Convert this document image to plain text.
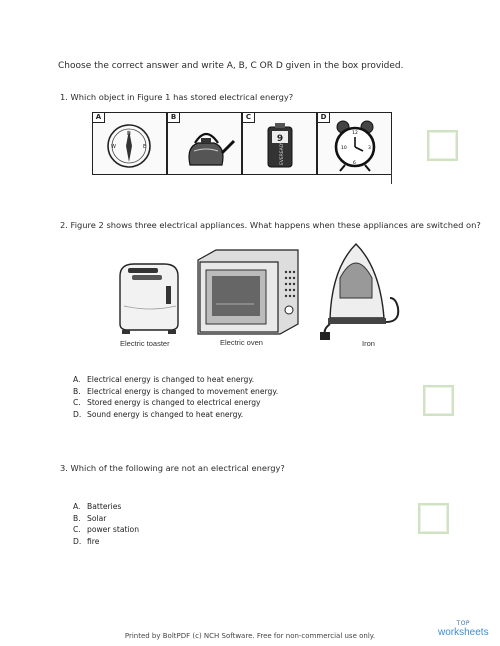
Choose the correct answer and write A, B, C OR D given in the box provided.
1. Which object in Figure 1 has stored electrical energy?
A
N
W	E
B	C
9
EVEREADY
D
12
10	3
6
2. Figure 2 shows three electrical appliances. What happens when these appliances are switched on?
Electric toaster	Electric oven	Iron
A. Electrical energy is changed to heat energy.
B. Electrical energy is changed to movement energy.
C. Stored energy is changed to electrical energy
D. Sound energy is changed to heat energy.
3. Which of the following are not an electrical energy?
A. Batteries
B. Solar
C. power station
D. fire
Printed by BoltPDF (c) NCH Software. Free for non-commercial use only.
TOP
worksheets
